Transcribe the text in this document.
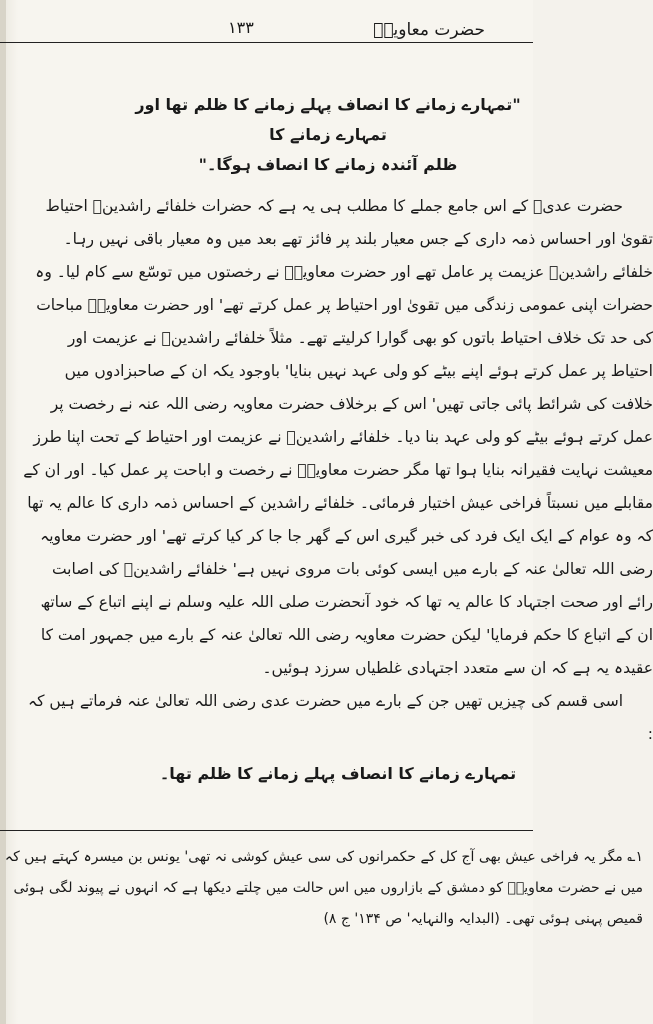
۱۳۳	حضرت معاویہؓ
"تمہارے زمانے کا انصاف پہلے زمانے کا ظلم تھا اور تمہارے زمانے کا
ظلم آئندہ زمانے کا انصاف ہوگا۔"

حضرت عدیؓ کے اس جامع جملے کا مطلب ہی یہ ہے کہ حضرات خلفائے راشدینؓ احتیاط تقویٰ اور احساس ذمہ داری کے جس معیار بلند پر فائز تھے بعد میں وہ معیار باقی نہیں رہا۔ خلفائے راشدینؓ عزیمت پر عامل تھے اور حضرت معاویہؓ نے رخصتوں میں توسّع سے کام لیا۔ وہ حضرات اپنی عمومی زندگی میں تقویٰ اور احتیاط پر عمل کرتے تھے' اور حضرت معاویہؓ مباحات کی حد تک خلاف احتیاط باتوں کو بھی گوارا کرلیتے تھے۔ مثلاً خلفائے راشدینؓ نے عزیمت اور احتیاط پر عمل کرتے ہوئے اپنے بیٹے کو ولی عہد نہیں بنایا' باوجود یکہ ان کے صاحبزادوں میں خلافت کی شرائط پائی جاتی تھیں' اس کے برخلاف حضرت معاویہ رضی اللہ عنہ نے رخصت پر عمل کرتے ہوئے بیٹے کو ولی عہد بنا دیا۔ خلفائے راشدینؓ نے عزیمت اور احتیاط کے تحت اپنا طرز معیشت نہایت فقیرانہ بنایا ہوا تھا مگر حضرت معاویہؓ نے رخصت و اباحت پر عمل کیا۔ اور ان کے مقابلے میں نسبتاً فراخی عیش اختیار فرمائی۔ خلفائے راشدین کے احساس ذمہ داری کا عالم یہ تھا کہ وہ عوام کے ایک ایک فرد کی خبر گیری اس کے گھر جا جا کر کیا کرتے تھے' اور حضرت معاویہ رضی اللہ تعالیٰ عنہ کے بارے میں ایسی کوئی بات مروی نہیں ہے' خلفائے راشدینؓ کی اصابت رائے اور صحت اجتہاد کا عالم یہ تھا کہ خود آنحضرت صلی اللہ علیہ وسلم نے اپنے اتباع کے ساتھ ان کے اتباع کا حکم فرمایا' لیکن حضرت معاویہ رضی اللہ تعالیٰ عنہ کے بارے میں جمہور امت کا عقیدہ یہ ہے کہ ان سے متعدد اجتہادی غلطیاں سرزد ہوئیں۔

اسی قسم کی چیزیں تھیں جن کے بارے میں حضرت عدی رضی اللہ تعالیٰ عنہ فرماتے ہیں کہ :

تمہارے زمانے کا انصاف پہلے زمانے کا ظلم تھا۔
۱؎ مگر یہ فراخی عیش بھی آج کل کے حکمرانوں کی سی عیش کوشی نہ تھی' یونس بن میسرہ کہتے ہیں کہ میں نے حضرت معاویہؓ کو دمشق کے بازاروں میں اس حالت میں چلتے دیکھا ہے کہ انہوں نے پیوند لگی ہوئی قمیص پہنی ہوئی تھی۔ (البدایہ والنہایہ' ص ۱۳۴' ج ۸)
